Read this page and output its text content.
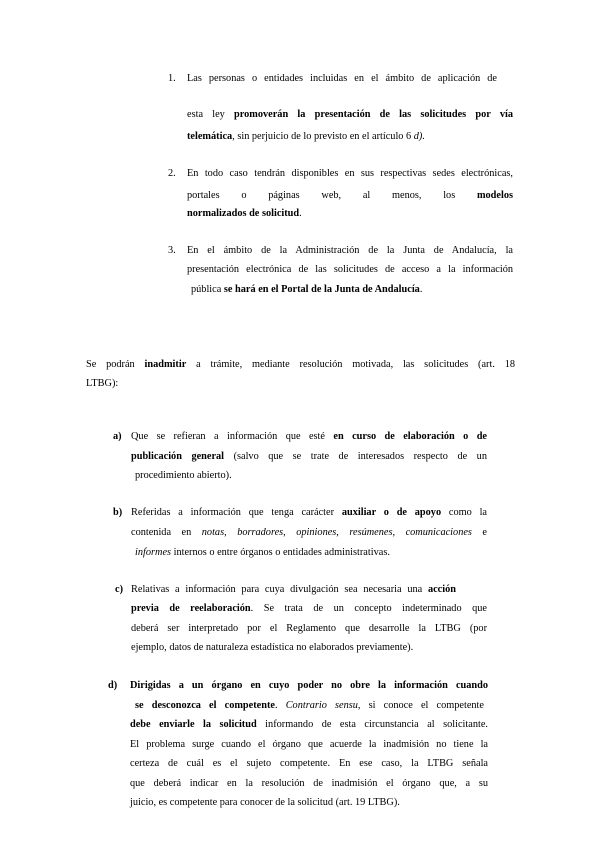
1. Las personas o entidades incluidas en el ámbito de aplicación de
esta ley promoverán la presentación de las solicitudes por vía
telemática, sin perjuicio de lo previsto en el artículo 6 d).
2. En todo caso tendrán disponibles en sus respectivas sedes electrónicas,
portales o páginas web, al menos, los modelos
normalizados de solicitud.
3. En el ámbito de la Administración de la Junta de Andalucía, la
presentación electrónica de las solicitudes de acceso a la información
pública se hará en el Portal de la Junta de Andalucía.
Se podrán inadmitir a trámite, mediante resolución motivada, las solicitudes (art. 18
LTBG):
a) Que se refieran a información que esté en curso de elaboración o de
publicación general (salvo que se trate de interesados respecto de un
procedimiento abierto).
b) Referidas a información que tenga carácter auxiliar o de apoyo como la
contenida en notas, borradores, opiniones, resúmenes, comunicaciones e
informes internos o entre órganos o entidades administrativas.
c) Relativas a información para cuya divulgación sea necesaria una acción
previa de reelaboración. Se trata de un concepto indeterminado que
deberá ser interpretado por el Reglamento que desarrolle la LTBG (por
ejemplo, datos de naturaleza estadística no elaborados previamente).
d) Dirigidas a un órgano en cuyo poder no obre la información cuando
se desconozca el competente. Contrario sensu, si conoce el competente
debe enviarle la solicitud informando de esta circunstancia al solicitante.
El problema surge cuando el órgano que acuerde la inadmisión no tiene la
certeza de cuál es el sujeto competente. En ese caso, la LTBG señala
que deberá indicar en la resolución de inadmisión el órgano que, a su
juicio, es competente para conocer de la solicitud (art. 19 LTBG).
